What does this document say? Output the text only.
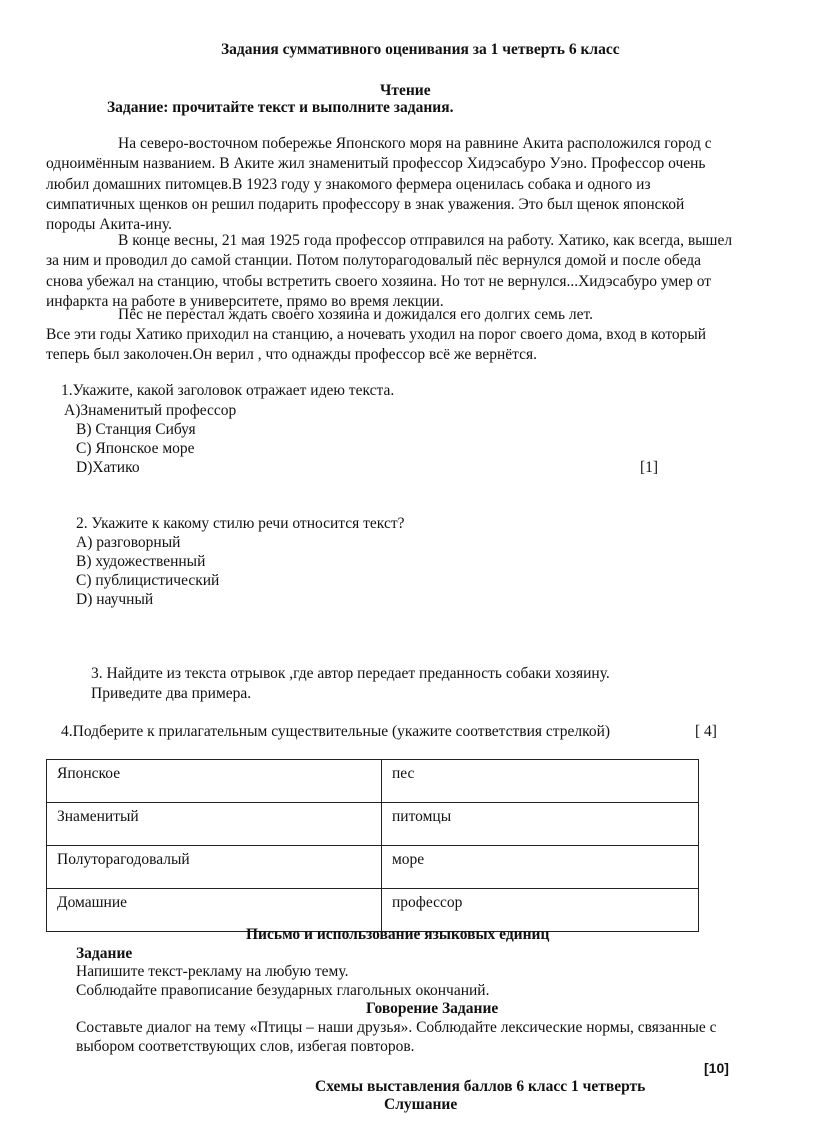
Задания суммативного оценивания за 1 четверть 6 класс
Чтение
Задание: прочитайте текст и выполните задания.
На северо-восточном побережье Японского моря на равнине Акита расположился город с
одноимённым названием. В Аките жил знаменитый профессор Хидэсабуро Уэно. Профессор очень
любил домашних питомцев.В 1923 году у знакомого фермера оценилась собака и одного из
симпатичных щенков он решил подарить профессору в знак уважения. Это был щенок японской
породы Акита-ину.
В конце весны, 21 мая 1925 года профессор отправился на работу. Хатико, как всегда, вышел
за ним и проводил до самой станции. Потом полуторагодовалый пёс вернулся домой и после обеда
снова убежал на станцию, чтобы встретить своего хозяина. Но тот не вернулся...Хидэсабуро умер от
инфаркта на работе в университете, прямо во время лекции.
Пёс не перестал ждать своего хозяина и дожидался его долгих семь лет.
Все эти годы Хатико приходил на станцию, а ночевать уходил на порог своего дома, вход в который
теперь был заколочен.Он верил , что однажды профессор всё же вернётся.
1.Укажите, какой заголовок отражает идею текста.
A)Знаменитый профессор
B) Станция Сибуя
C) Японское море
D)Хатико	[1]
2. Укажите к какому стилю речи относится текст?
А) разговорный
В) художественный
С) публицистический
D) научный
3. Найдите из текста отрывок ,где автор передает преданность собаки хозяину.
Приведите два примера.
4.Подберите к прилагательным существительные (укажите соответствия стрелкой)	[ 4]
Японское	пес
Знаменитый	питомцы
Полуторагодовалый	море
Домашние	профессор
Письмо и использование языковых единиц
Задание
Напишите текст-рекламу на любую тему.
Соблюдайте правописание безударных глагольных окончаний.
Говорение Задание
Составьте диалог на тему «Птицы – наши друзья». Соблюдайте лексические нормы, связанные с
выбором соответствующих слов, избегая повторов.
[10]
Схемы выставления баллов 6 класс 1 четверть
Слушание
